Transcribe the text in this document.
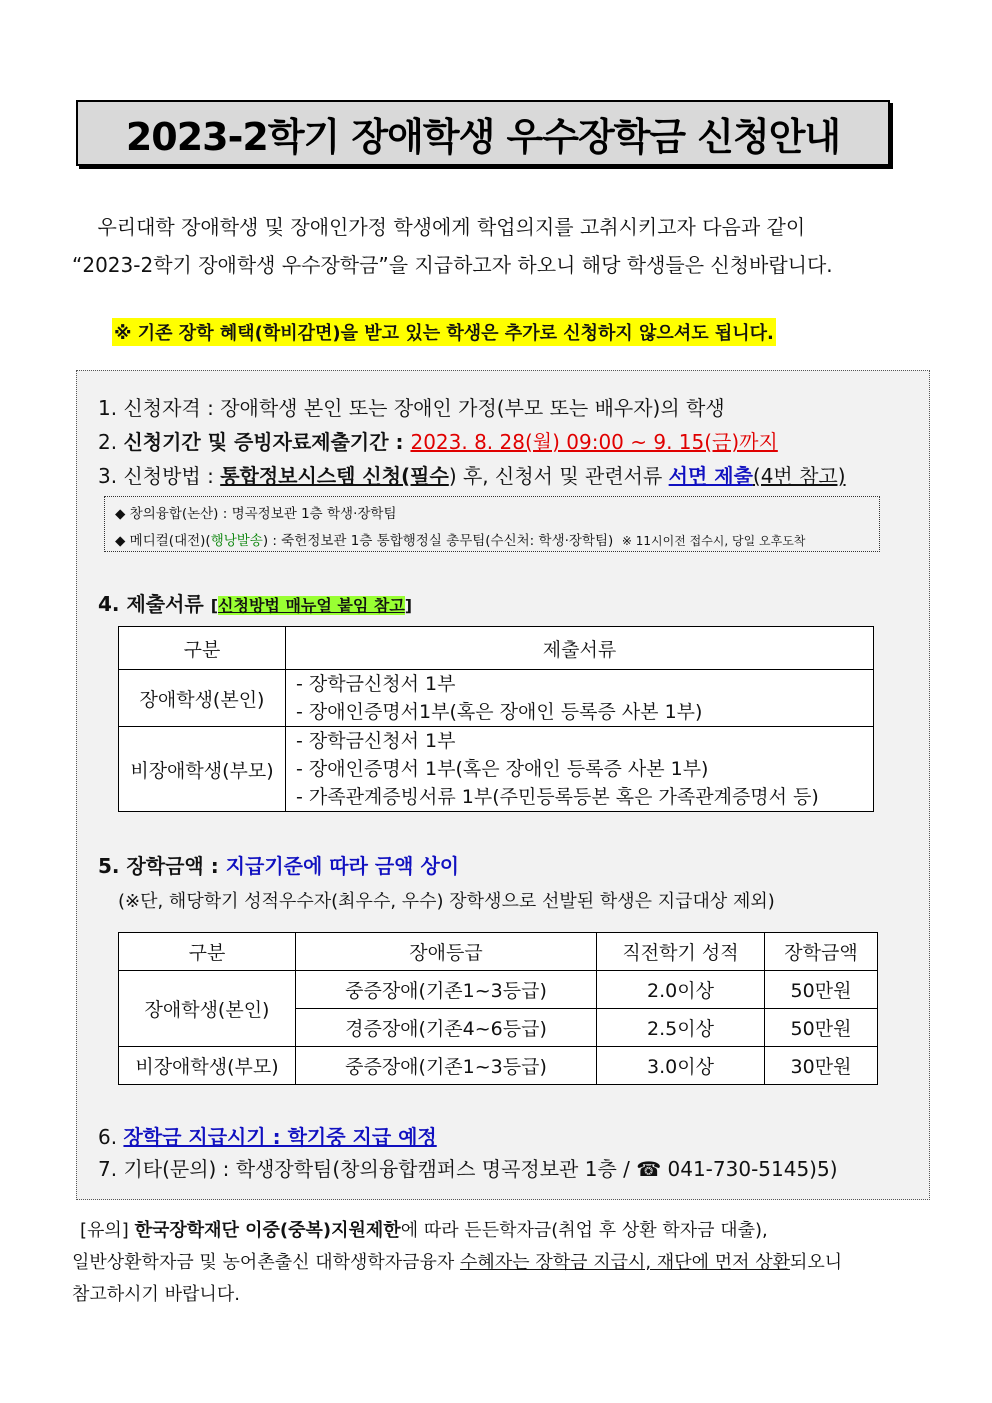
2023-2학기 장애학생 우수장학금 신청안내
우리대학 장애학생 및 장애인가정 학생에게 학업의지를 고취시키고자 다음과 같이
“2023-2학기 장애학생 우수장학금”을 지급하고자 하오니 해당 학생들은 신청바랍니다.
※ 기존 장학 혜택(학비감면)을 받고 있는 학생은 추가로 신청하지 않으셔도 됩니다.
1. 신청자격 : 장애학생 본인 또는 장애인 가정(부모 또는 배우자)의 학생
2. 신청기간 및 증빙자료제출기간 : 2023. 8. 28(월) 09:00 ~ 9. 15(금)까지
3. 신청방법 : 통합정보시스템 신청(필수) 후, 신청서 및 관련서류 서면 제출(4번 참고)
◆ 창의융합(논산) : 명곡정보관 1층 학생·장학팀
◆ 메디컬(대전)(행낭발송) : 죽헌정보관 1층 통합행정실 총무팀(수신처: 학생·장학팀) ※ 11시이전 접수시, 당일 오후도착
4. 제출서류 [신청방법 매뉴얼 붙임 참고]
구분	제출서류
장애학생(본인)	- 장학금신청서 1부
- 장애인증명서1부(혹은 장애인 등록증 사본 1부)

비장애학생(부모)	- 장학금신청서 1부
- 장애인증명서 1부(혹은 장애인 등록증 사본 1부)
- 가족관계증빙서류 1부(주민등록등본 혹은 가족관계증명서 등)
5. 장학금액 : 지급기준에 따라 금액 상이
(※단, 해당학기 성적우수자(최우수, 우수) 장학생으로 선발된 학생은 지급대상 제외)
구분	장애등급	직전학기 성적	장학금액
장애학생(본인)	중증장애(기존1~3등급)	2.0이상	50만원
	경증장애(기존4~6등급)	2.5이상	50만원
비장애학생(부모)	중증장애(기존1~3등급)	3.0이상	30만원
6. 장학금 지급시기 : 학기중 지급 예정
7. 기타(문의) : 학생장학팀(창의융합캠퍼스 명곡정보관 1층 / ☎ 041-730-5145)5)
[유의] 한국장학재단 이중(중복)지원제한에 따라 든든학자금(취업 후 상환 학자금 대출),
일반상환학자금 및 농어촌출신 대학생학자금융자 수혜자는 장학금 지급시, 재단에 먼저 상환되오니
참고하시기 바랍니다.
